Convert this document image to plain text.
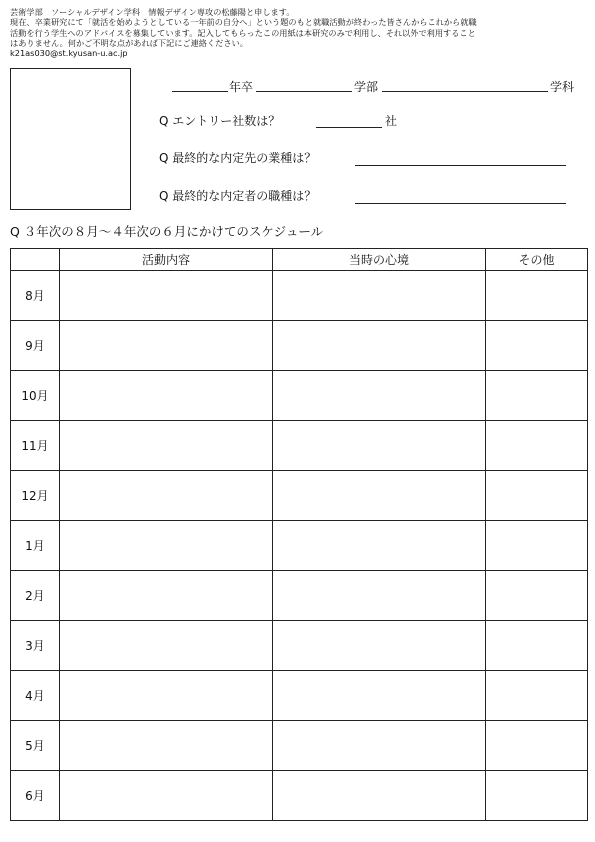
芸術学部　ソーシャルデザイン学科　情報デザイン専攻の松藤陽と申します。
現在、卒業研究にて「就活を始めようとしている一年前の自分へ」という題のもと就職活動が終わった皆さんからこれから就職
活動を行う学生へのアドバイスを募集しています。記入してもらったこの用紙は本研究のみで利用し、それ以外で利用すること
はありません。何かご不明な点があれば下記にご連絡ください。
k21as030@st.kyusan-u.ac.jp
年卒	学部	学科
Q エントリー社数は？	社
Q 最終的な内定先の業種は？
Q 最終的な内定者の職種は？
Q ３年次の８月〜４年次の６月にかけてのスケジュール
	活動内容	当時の心境	その他
8月			
9月			
10月			
11月			
12月			
1月			
2月			
3月			
4月			
5月			
6月			
